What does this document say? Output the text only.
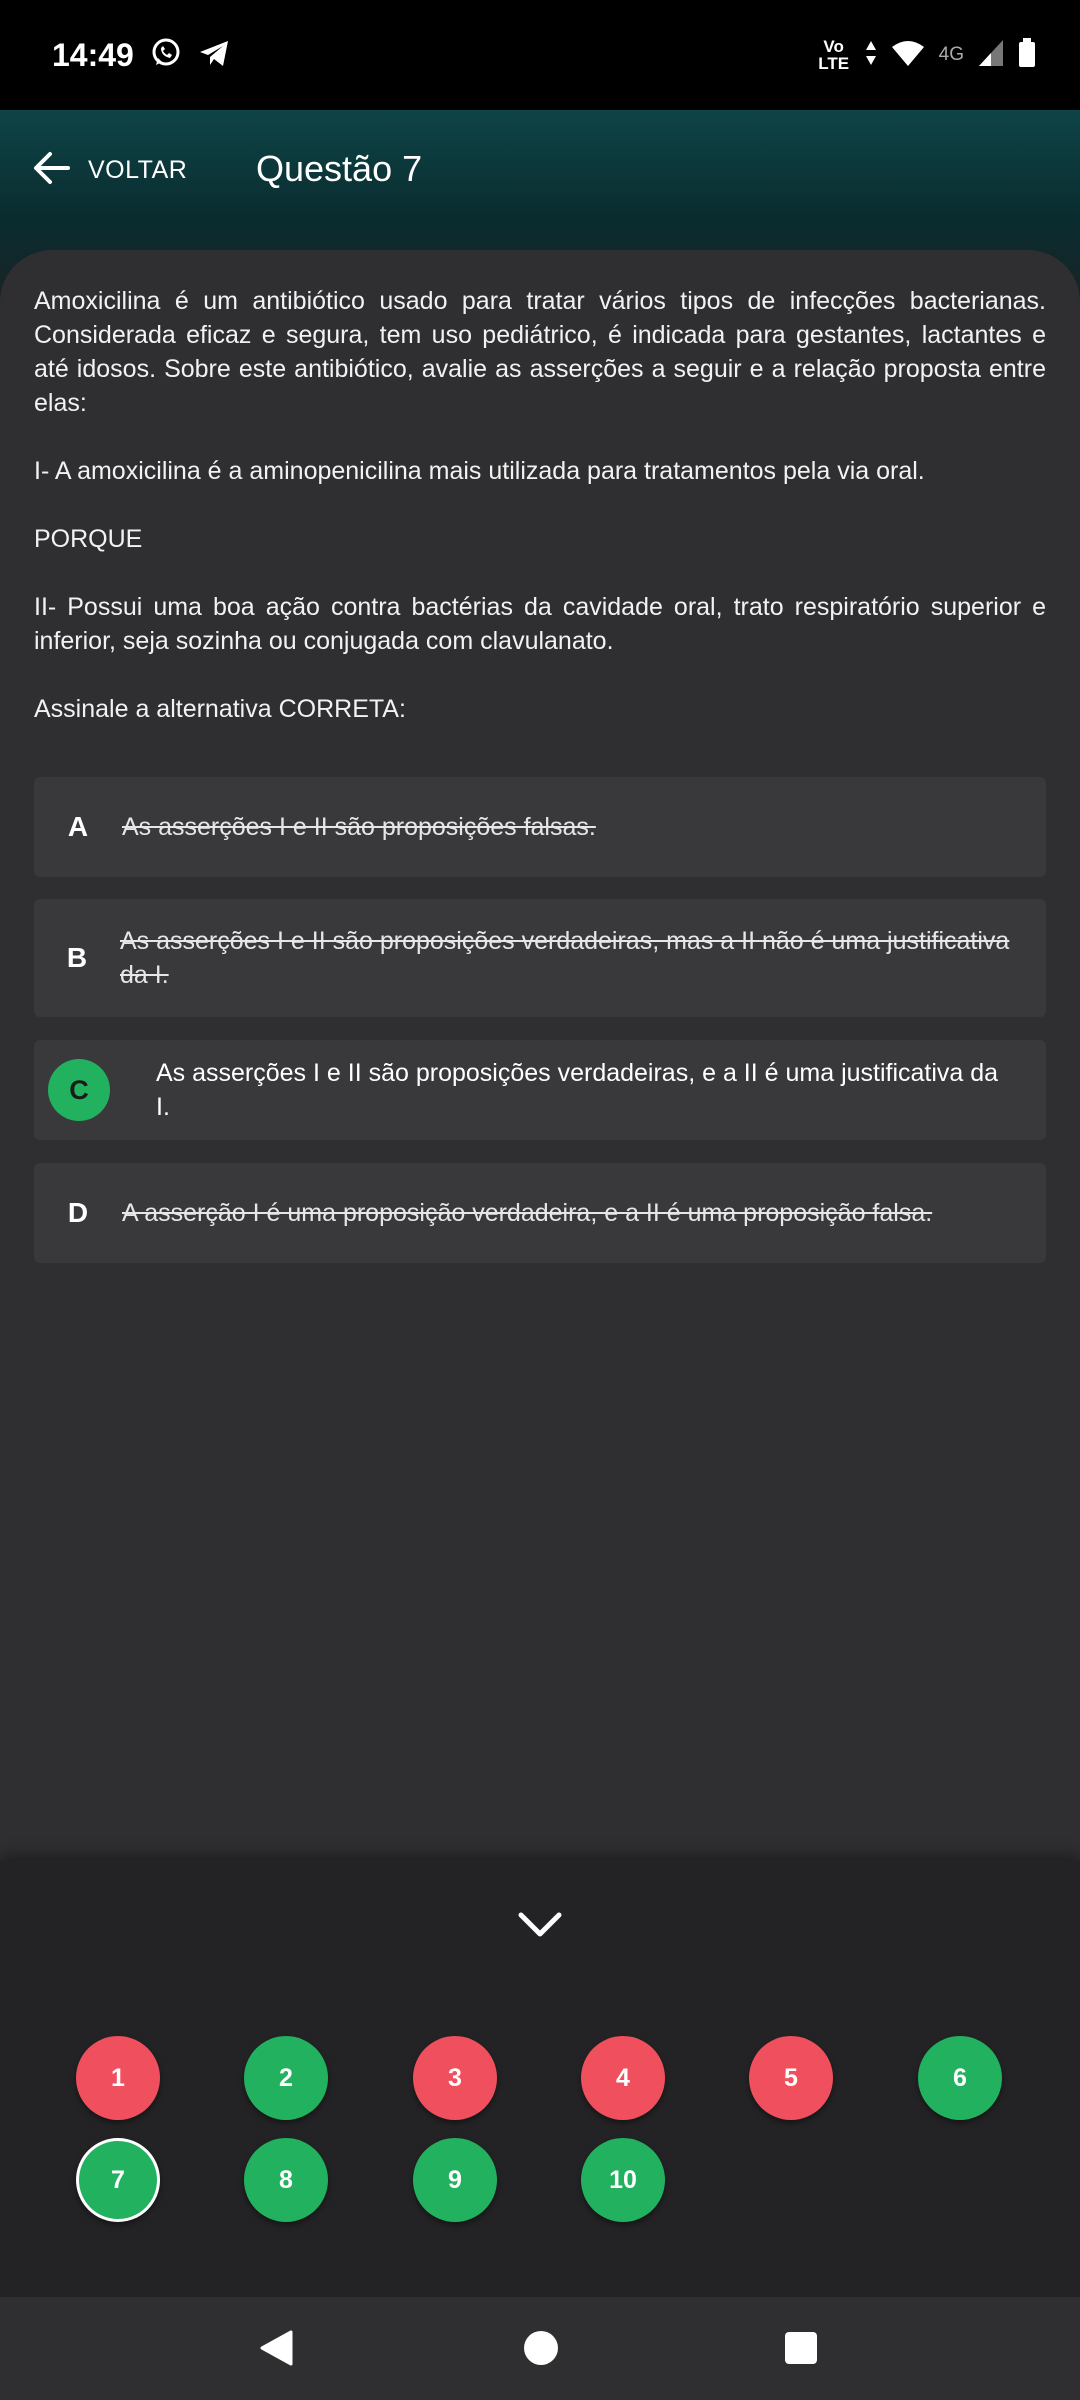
14:49	Vo LTE	4G
VOLTAR Questão 7

Amoxicilina é um antibiótico usado para tratar vários tipos de infecções bacterianas. Considerada eficaz e segura, tem uso pediátrico, é indicada para gestantes, lactantes e até idosos. Sobre este antibiótico, avalie as asserções a seguir e a relação proposta entre elas:

I- A amoxicilina é a aminopenicilina mais utilizada para tratamentos pela via oral.

PORQUE

II- Possui uma boa ação contra bactérias da cavidade oral, trato respiratório superior e inferior, seja sozinha ou conjugada com clavulanato.

Assinale a alternativa CORRETA:

A	As asserções I e II são proposições falsas.
B
As asserções I e II são proposições verdadeiras, mas a II não é uma justificativa da I.
C
As asserções I e II são proposições verdadeiras, e a II é uma justificativa da I.
D	A asserção I é uma proposição verdadeira, e a II é uma proposição falsa.
1	2	3	4	5	6
7	8	9	10
